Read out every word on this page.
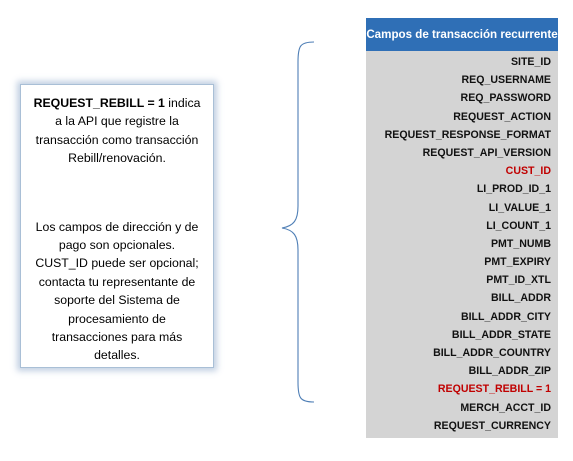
REQUEST_REBILL = 1 indica a la API que registre la transacción como transacción Rebill/renovación.

Los campos de dirección y de pago son opcionales. CUST_ID puede ser opcional; contacta tu representante de soporte del Sistema de procesamiento de transacciones para más detalles.

Campos de transacción recurrente
SITE_ID
REQ_USERNAME
REQ_PASSWORD
REQUEST_ACTION
REQUEST_RESPONSE_FORMAT
REQUEST_API_VERSION
CUST_ID
LI_PROD_ID_1
LI_VALUE_1
LI_COUNT_1
PMT_NUMB
PMT_EXPIRY
PMT_ID_XTL
BILL_ADDR
BILL_ADDR_CITY
BILL_ADDR_STATE
BILL_ADDR_COUNTRY
BILL_ADDR_ZIP
REQUEST_REBILL = 1
MERCH_ACCT_ID
REQUEST_CURRENCY
